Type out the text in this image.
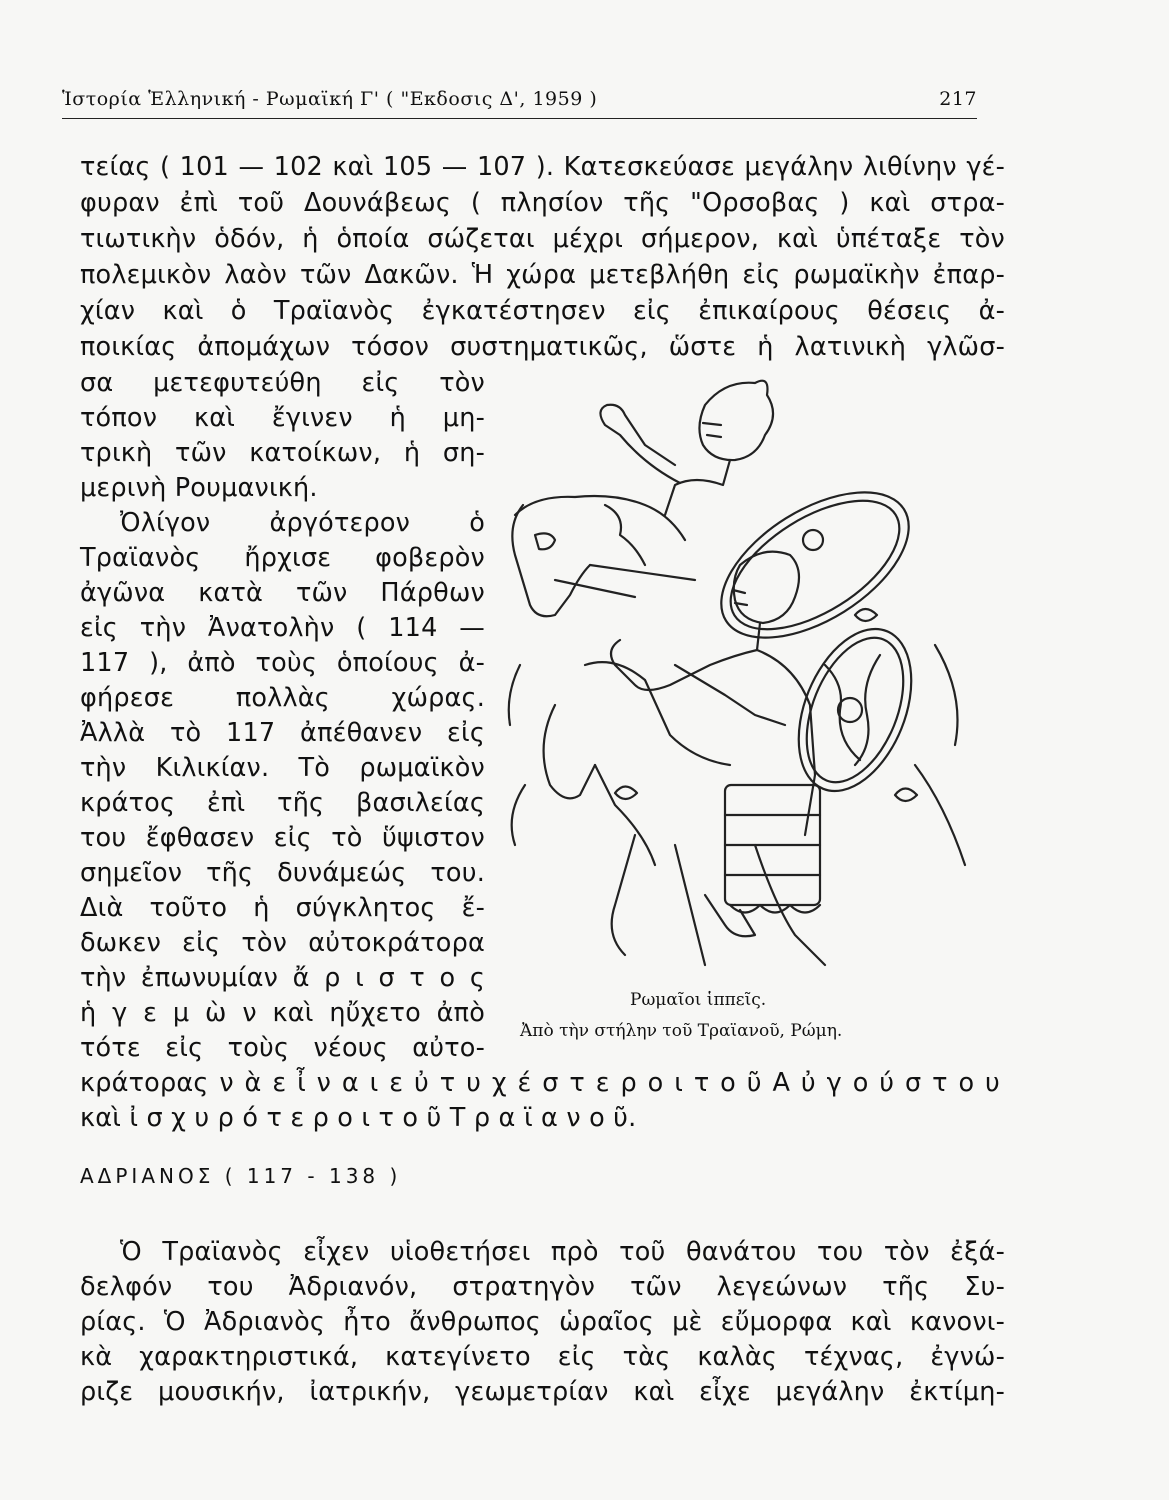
Ἱστορία Ἑλληνική - Ρωμαϊκή Γ' ( "Εκδοσις Δ', 1959 )	217
τείας ( 101 — 102 καὶ 105 — 107 ). Κατεσκεύασε μεγάλην λιθίνην γέ-
φυραν ἐπὶ τοῦ Δουνάβεως ( πλησίον τῆς "Ορσοβας ) καὶ στρα-
τιωτικὴν ὁδόν, ἡ ὁποία σώζεται μέχρι σήμερον, καὶ ὑπέταξε τὸν
πολεμικὸν λαὸν τῶν Δακῶν. Ἡ χώρα μετεβλήθη εἰς ρωμαϊκὴν ἐπαρ-
χίαν καὶ ὁ Τραϊανὸς ἐγκατέστησεν εἰς ἐπικαίρους θέσεις ἀ-
ποικίας ἀπομάχων τόσον συστηματικῶς, ὥστε ἡ λατινικὴ γλῶσ-
σα μετεφυτεύθη εἰς τὸν
τόπον καὶ ἔγινεν ἡ μη-
τρικὴ τῶν κατοίκων, ἡ ση-
μερινὴ Ρουμανική.
Ὀλίγον ἀργότερον ὁ
Τραϊανὸς ἤρχισε φοβερὸν
ἀγῶνα κατὰ τῶν Πάρθων
εἰς τὴν Ἀνατολὴν ( 114 —
117 ), ἀπὸ τοὺς ὁποίους ἀ-
φήρεσε πολλὰς χώρας.
Ἀλλὰ τὸ 117 ἀπέθανεν εἰς
τὴν Κιλικίαν. Τὸ ρωμαϊκὸν
κράτος ἐπὶ τῆς βασιλείας
του ἔφθασεν εἰς τὸ ὕψιστον
σημεῖον τῆς δυνάμεώς του.
Διὰ τοῦτο ἡ σύγκλητος ἔ-
δωκεν εἰς τὸν αὐτοκράτορα
τὴν ἐπωνυμίαν ἄ ρ ι σ τ ο ς
ἡ γ ε μ ὼ ν καὶ ηὔχετο ἀπὸ
τότε εἰς τοὺς νέους αὐτο-
κράτορας ν ὰ ε ἶ ν α ι ε ὐ τ υ χ έ σ τ ε ρ ο ι τ ο ῦ Α ὐ γ ο ύ σ τ ο υ
καὶ ἰ σ χ υ ρ ό τ ε ρ ο ι τ ο ῦ Τ ρ α ϊ α ν ο ῦ.
ΑΔΡΙΑΝΟΣ ( 117 - 138 )
Ὁ Τραϊανὸς εἶχεν υἱοθετήσει πρὸ τοῦ θανάτου του τὸν ἐξά-
δελφόν του Ἀδριανόν, στρατηγὸν τῶν λεγεώνων τῆς Συ-
ρίας. Ὁ Ἀδριανὸς ἦτο ἄνθρωπος ὡραῖος μὲ εὔμορφα καὶ κανονι-
κὰ χαρακτηριστικά, κατεγίνετο εἰς τὰς καλὰς τέχνας, ἐγνώ-
ριζε μουσικήν, ἰατρικήν, γεωμετρίαν καὶ εἶχε μεγάλην ἐκτίμη-
Ρωμαῖοι ἱππεῖς.
Ἀπὸ τὴν στήλην τοῦ Τραϊανοῦ, Ρώμη.
